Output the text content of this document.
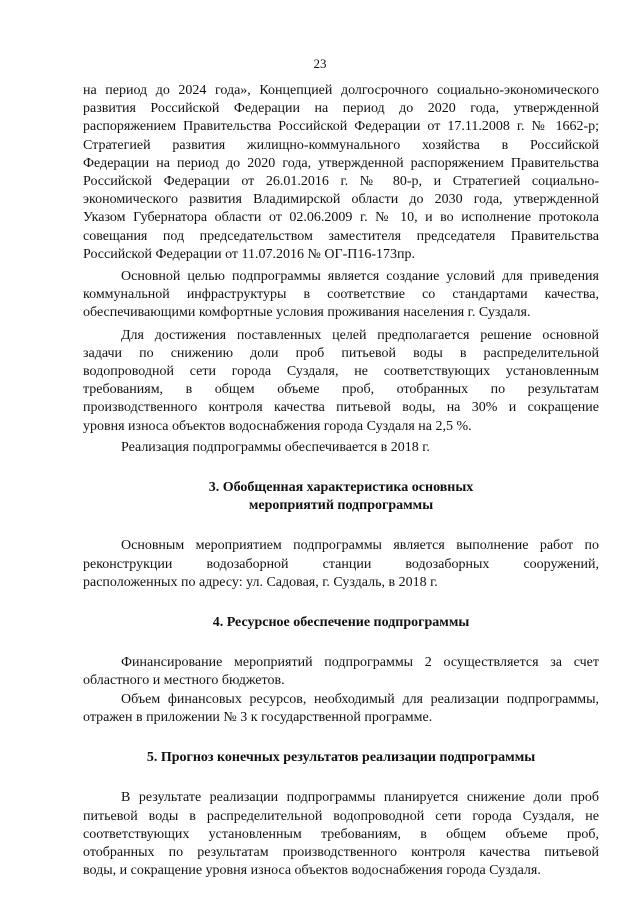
23

на период до 2024 года», Концепцией долгосрочного социально-экономического
развития Российской Федерации на период до 2020 года, утвержденной
распоряжением Правительства Российской Федерации от 17.11.2008 г. № 1662-р;
Стратегией развития жилищно-коммунального хозяйства в Российской
Федерации на период до 2020 года, утвержденной распоряжением Правительства
Российской Федерации от 26.01.2016 г. № 80-р, и Стратегией социально-
экономического развития Владимирской области до 2030 года, утвержденной
Указом Губернатора области от 02.06.2009 г. № 10, и во исполнение протокола
совещания под председательством заместителя председателя Правительства
Российской Федерации от 11.07.2016 № ОГ-П16-173пр.

Основной целью подпрограммы является создание условий для приведения
коммунальной инфраструктуры в соответствие со стандартами качества,
обеспечивающими комфортные условия проживания населения г. Суздаля.

Для достижения поставленных целей предполагается решение основной
задачи по снижению доли проб питьевой воды в распределительной
водопроводной сети города Суздаля, не соответствующих установленным
требованиям, в общем объеме проб, отобранных по результатам
производственного контроля качества питьевой воды, на 30% и сокращение
уровня износа объектов водоснабжения города Суздаля на 2,5 %.

Реализация подпрограммы обеспечивается в 2018 г.

3. Обобщенная характеристика основных
мероприятий подпрограммы

Основным мероприятием подпрограммы является выполнение работ по
реконструкции водозаборной станции водозаборных сооружений,
расположенных по адресу: ул. Садовая, г. Суздаль, в 2018 г.

4. Ресурсное обеспечение подпрограммы

Финансирование мероприятий подпрограммы 2 осуществляется за счет
областного и местного бюджетов.

Объем финансовых ресурсов, необходимый для реализации подпрограммы,
отражен в приложении № 3 к государственной программе.

5. Прогноз конечных результатов реализации подпрограммы

В результате реализации подпрограммы планируется снижение доли проб
питьевой воды в распределительной водопроводной сети города Суздаля, не
соответствующих установленным требованиям, в общем объеме проб,
отобранных по результатам производственного контроля качества питьевой
воды, и сокращение уровня износа объектов водоснабжения города Суздаля.
